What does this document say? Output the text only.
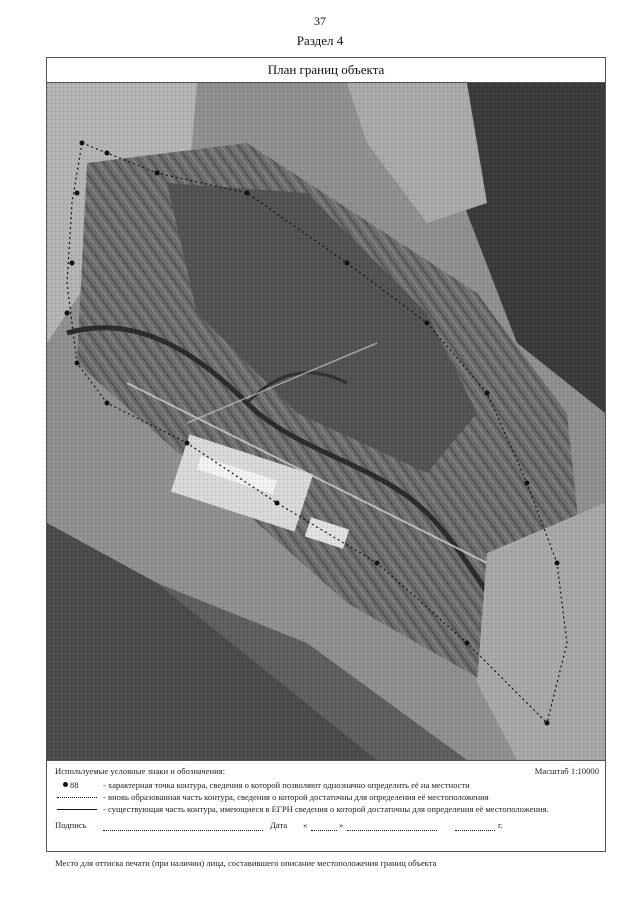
37
Раздел 4
План границ объекта
Используемые условные знаки и обозначения:	Масштаб 1:10000
88	- характерная точка контура, сведения о которой позволяют однозначно определить её на местности
- вновь образованная часть контура, сведения о которой достаточны для определения её местоположения
- существующая часть контура, имеющиеся в ЕГРН сведения о которой достаточны для определения её местоположения.
Подпись	Дата «	»	г.
Место для оттиска печати (при наличии) лица, составившего описание местоположения границ объекта
